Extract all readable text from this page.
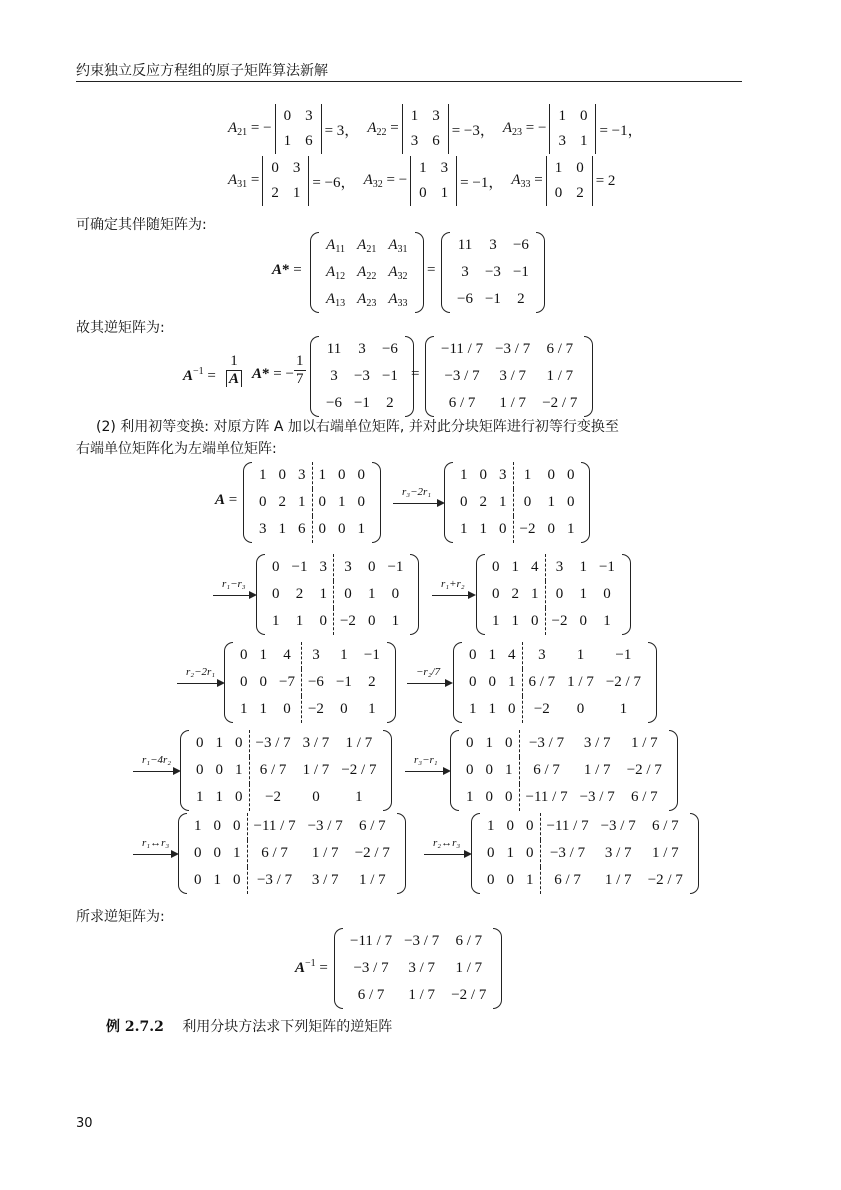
约束独立反应方程组的原子矩阵算法新解
$A_{21}$ = −
0	3
1	6
= 3， $A_{22}$ =
1	3
3	6
= −3， $A_{23}$ = −
1	0
3	1
= −1，
$A_{31}$ =
0	3
2	1
= −6， $A_{32}$ = −
1	3
0	1
= −1， $A_{33}$ =
1	0
0	2
= 2
可确定其伴随矩阵为:
A* =
$A_{11}$	$A_{21}$	$A_{31}$
$A_{12}$	$A_{22}$	$A_{32}$
$A_{13}$	$A_{23}$	$A_{33}$
=
11	3	−6
3	−3	−1
−6	−1	2
故其逆矩阵为:
$A^{-1} = \frac{1}{A} A*$ = − $\frac{1}{7}$
11	3	−6
3	−3	−1
−6	−1	2
=
−11 / 7	−3 / 7	6 / 7
−3 / 7	3 / 7	1 / 7
6 / 7	1 / 7	−2 / 7
(2) 利用初等变换: 对原方阵 A 加以右端单位矩阵, 并对此分块矩阵进行初等行变换至
右端单位矩阵化为左端单位矩阵:
A =
1	0	3	1	0	0
0	2	1	0	1	0
3	1	6	0	0	1
r₃−2r₁
1	0	3	1	0	0
0	2	1	0	1	0
1	1	0	−2	0	1
r₁−r₃
0	−1	3	3	0	−1
0	2	1	0	1	0
1	1	0	−2	0	1
r₁+r₂
0	1	4	3	1	−1
0	2	1	0	1	0
1	1	0	−2	0	1
r₂−2r₁
0	1	4	3	1	−1
0	0	−7	−6	−1	2
1	1	0	−2	0	1
−r₂/7
0	1	4	3	1	−1
0	0	1	6 / 7	1 / 7	−2 / 7
1	1	0	−2	0	1
r₁−4r₂
0	1	0	−3 / 7	3 / 7	1 / 7
0	0	1	6 / 7	1 / 7	−2 / 7
1	1	0	−2	0	1
r₃−r₁
0	1	0	−3 / 7	3 / 7	1 / 7
0	0	1	6 / 7	1 / 7	−2 / 7
1	0	0	−11 / 7	−3 / 7	6 / 7
r₁↔r₃
1	0	0	−11 / 7	−3 / 7	6 / 7
0	0	1	6 / 7	1 / 7	−2 / 7
0	1	0	−3 / 7	3 / 7	1 / 7
r₂↔r₃
1	0	0	−11 / 7	−3 / 7	6 / 7
0	1	0	−3 / 7	3 / 7	1 / 7
0	0	1	6 / 7	1 / 7	−2 / 7
所求逆矩阵为:
$A^{-1}$ =
−11 / 7	−3 / 7	6 / 7
−3 / 7	3 / 7	1 / 7
6 / 7	1 / 7	−2 / 7
例 2.7.2 利用分块方法求下列矩阵的逆矩阵
30
